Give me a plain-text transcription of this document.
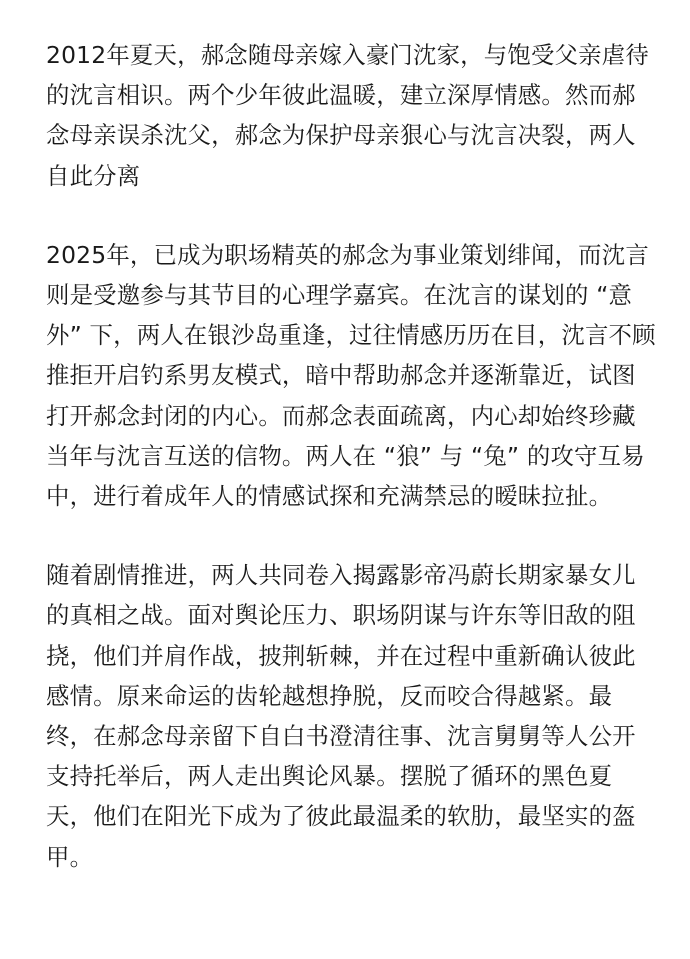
2012年夏天，郝念随母亲嫁入豪门沈家，与饱受父亲虐待的沈言相识。两个少年彼此温暖，建立深厚情感。然而郝念母亲误杀沈父，郝念为保护母亲狠心与沈言决裂，两人自此分离

2025年，已成为职场精英的郝念为事业策划绯闻，而沈言则是受邀参与其节目的心理学嘉宾。在沈言的谋划的 “意外” 下，两人在银沙岛重逢，过往情感历历在目，沈言不顾推拒开启钓系男友模式，暗中帮助郝念并逐渐靠近，试图打开郝念封闭的内心。而郝念表面疏离，内心却始终珍藏当年与沈言互送的信物。两人在 “狼” 与 “兔” 的攻守互易中，进行着成年人的情感试探和充满禁忌的暧昧拉扯。

随着剧情推进，两人共同卷入揭露影帝冯蔚长期家暴女儿的真相之战。面对舆论压力、职场阴谋与许东等旧敌的阻挠，他们并肩作战，披荆斩棘，并在过程中重新确认彼此感情。原来命运的齿轮越想挣脱，反而咬合得越紧。最终，在郝念母亲留下自白书澄清往事、沈言舅舅等人公开支持托举后，两人走出舆论风暴。摆脱了循环的黑色夏天，他们在阳光下成为了彼此最温柔的软肋，最坚实的盔甲。
